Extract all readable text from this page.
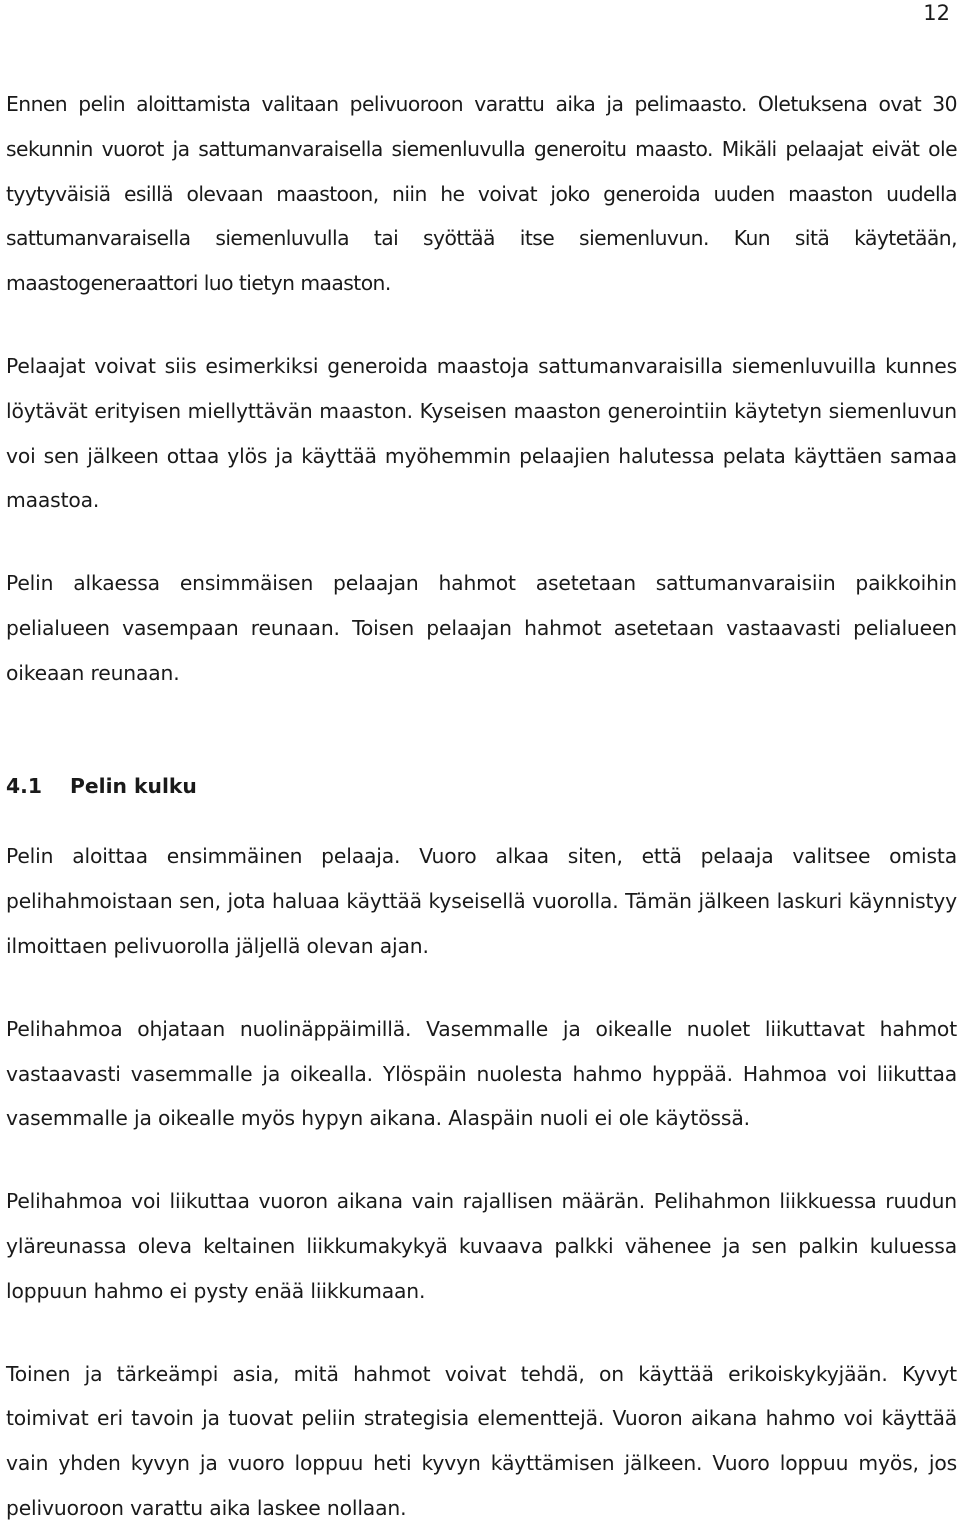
12

Ennen pelin aloittamista valitaan pelivuoroon varattu aika ja pelimaasto. Oletuksena ovat 30 sekunnin vuorot ja sattumanvaraisella siemenluvulla generoitu maasto. Mikäli pelaajat eivät ole tyytyväisiä esillä olevaan maastoon, niin he voivat joko generoida uuden maaston uudella sattumanvaraisella siemenluvulla tai syöttää itse siemenluvun. Kun sitä käytetään, maastogeneraattori luo tietyn maaston.

Pelaajat voivat siis esimerkiksi generoida maastoja sattumanvaraisilla siemenluvuilla kunnes löytävät erityisen miellyttävän maaston. Kyseisen maaston generointiin käytetyn siemenluvun voi sen jälkeen ottaa ylös ja käyttää myöhemmin pelaajien halutessa pelata käyttäen samaa maastoa.

Pelin alkaessa ensimmäisen pelaajan hahmot asetetaan sattumanvaraisiin paikkoihin pelialueen vasempaan reunaan. Toisen pelaajan hahmot asetetaan vastaavasti pelialueen oikeaan reunaan.

4.1	Pelin kulku

Pelin aloittaa ensimmäinen pelaaja. Vuoro alkaa siten, että pelaaja valitsee omista pelihahmoistaan sen, jota haluaa käyttää kyseisellä vuorolla. Tämän jälkeen laskuri käynnistyy ilmoittaen pelivuorolla jäljellä olevan ajan.

Pelihahmoa ohjataan nuolinäppäimillä. Vasemmalle ja oikealle nuolet liikuttavat hahmot vastaavasti vasemmalle ja oikealla. Ylöspäin nuolesta hahmo hyppää. Hahmoa voi liikuttaa vasemmalle ja oikealle myös hypyn aikana. Alaspäin nuoli ei ole käytössä.

Pelihahmoa voi liikuttaa vuoron aikana vain rajallisen määrän. Pelihahmon liikkuessa ruudun yläreunassa oleva keltainen liikkumakykyä kuvaava palkki vähenee ja sen palkin kuluessa loppuun hahmo ei pysty enää liikkumaan.

Toinen ja tärkeämpi asia, mitä hahmot voivat tehdä, on käyttää erikoiskykyjään. Kyvyt toimivat eri tavoin ja tuovat peliin strategisia elementtejä. Vuoron aikana hahmo voi käyttää vain yhden kyvyn ja vuoro loppuu heti kyvyn käyttämisen jälkeen. Vuoro loppuu myös, jos pelivuoroon varattu aika laskee nollaan.
